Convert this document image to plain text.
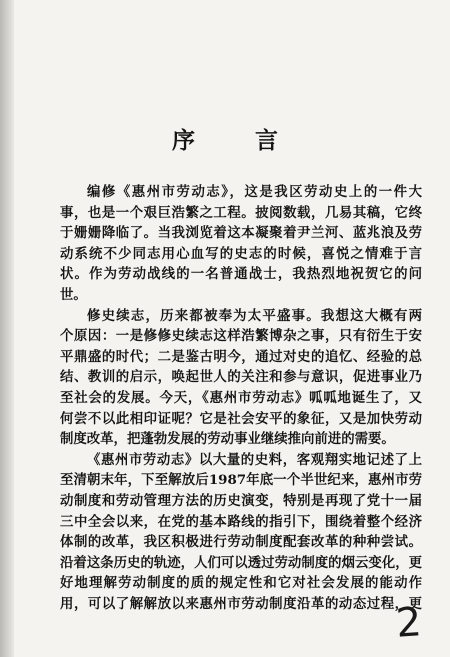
序 言
编修《惠州市劳动志》，这是我区劳动史上的一件大
事，也是一个艰巨浩繁之工程。披阅数载，几易其稿，它终
于姗姗降临了。当我浏览着这本凝聚着尹兰河、蓝兆浪及劳
动系统不少同志用心血写的史志的时候，喜悦之情难于言
状。作为劳动战线的一名普通战士，我热烈地祝贺它的问
世。
修史续志，历来都被奉为太平盛事。我想这大概有两
个原因：一是修修史续志这样浩繁博杂之事，只有衍生于安
平鼎盛的时代；二是鉴古明今，通过对史的追忆、经验的总
结、教训的启示，唤起世人的关注和参与意识，促进事业乃
至社会的发展。今天，《惠州市劳动志》呱呱地诞生了，又
何尝不以此相印证呢？它是社会安平的象征，又是加快劳动
制度改革，把蓬勃发展的劳动事业继续推向前进的需要。
《惠州市劳动志》以大量的史料，客观翔实地记述了上
至清朝末年，下至解放后1987年底一个半世纪来，惠州市劳
动制度和劳动管理方法的历史演变，特别是再现了党十一届
三中全会以来，在党的基本路线的指引下，围绕着整个经济
体制的改革，我区积极进行劳动制度配套改革的种种尝试。
沿着这条历史的轨迹，人们可以透过劳动制度的烟云变化，更
好地理解劳动制度的质的规定性和它对社会发展的能动作
用，可以了解解放以来惠州市劳动制度沿革的动态过程，更
2
